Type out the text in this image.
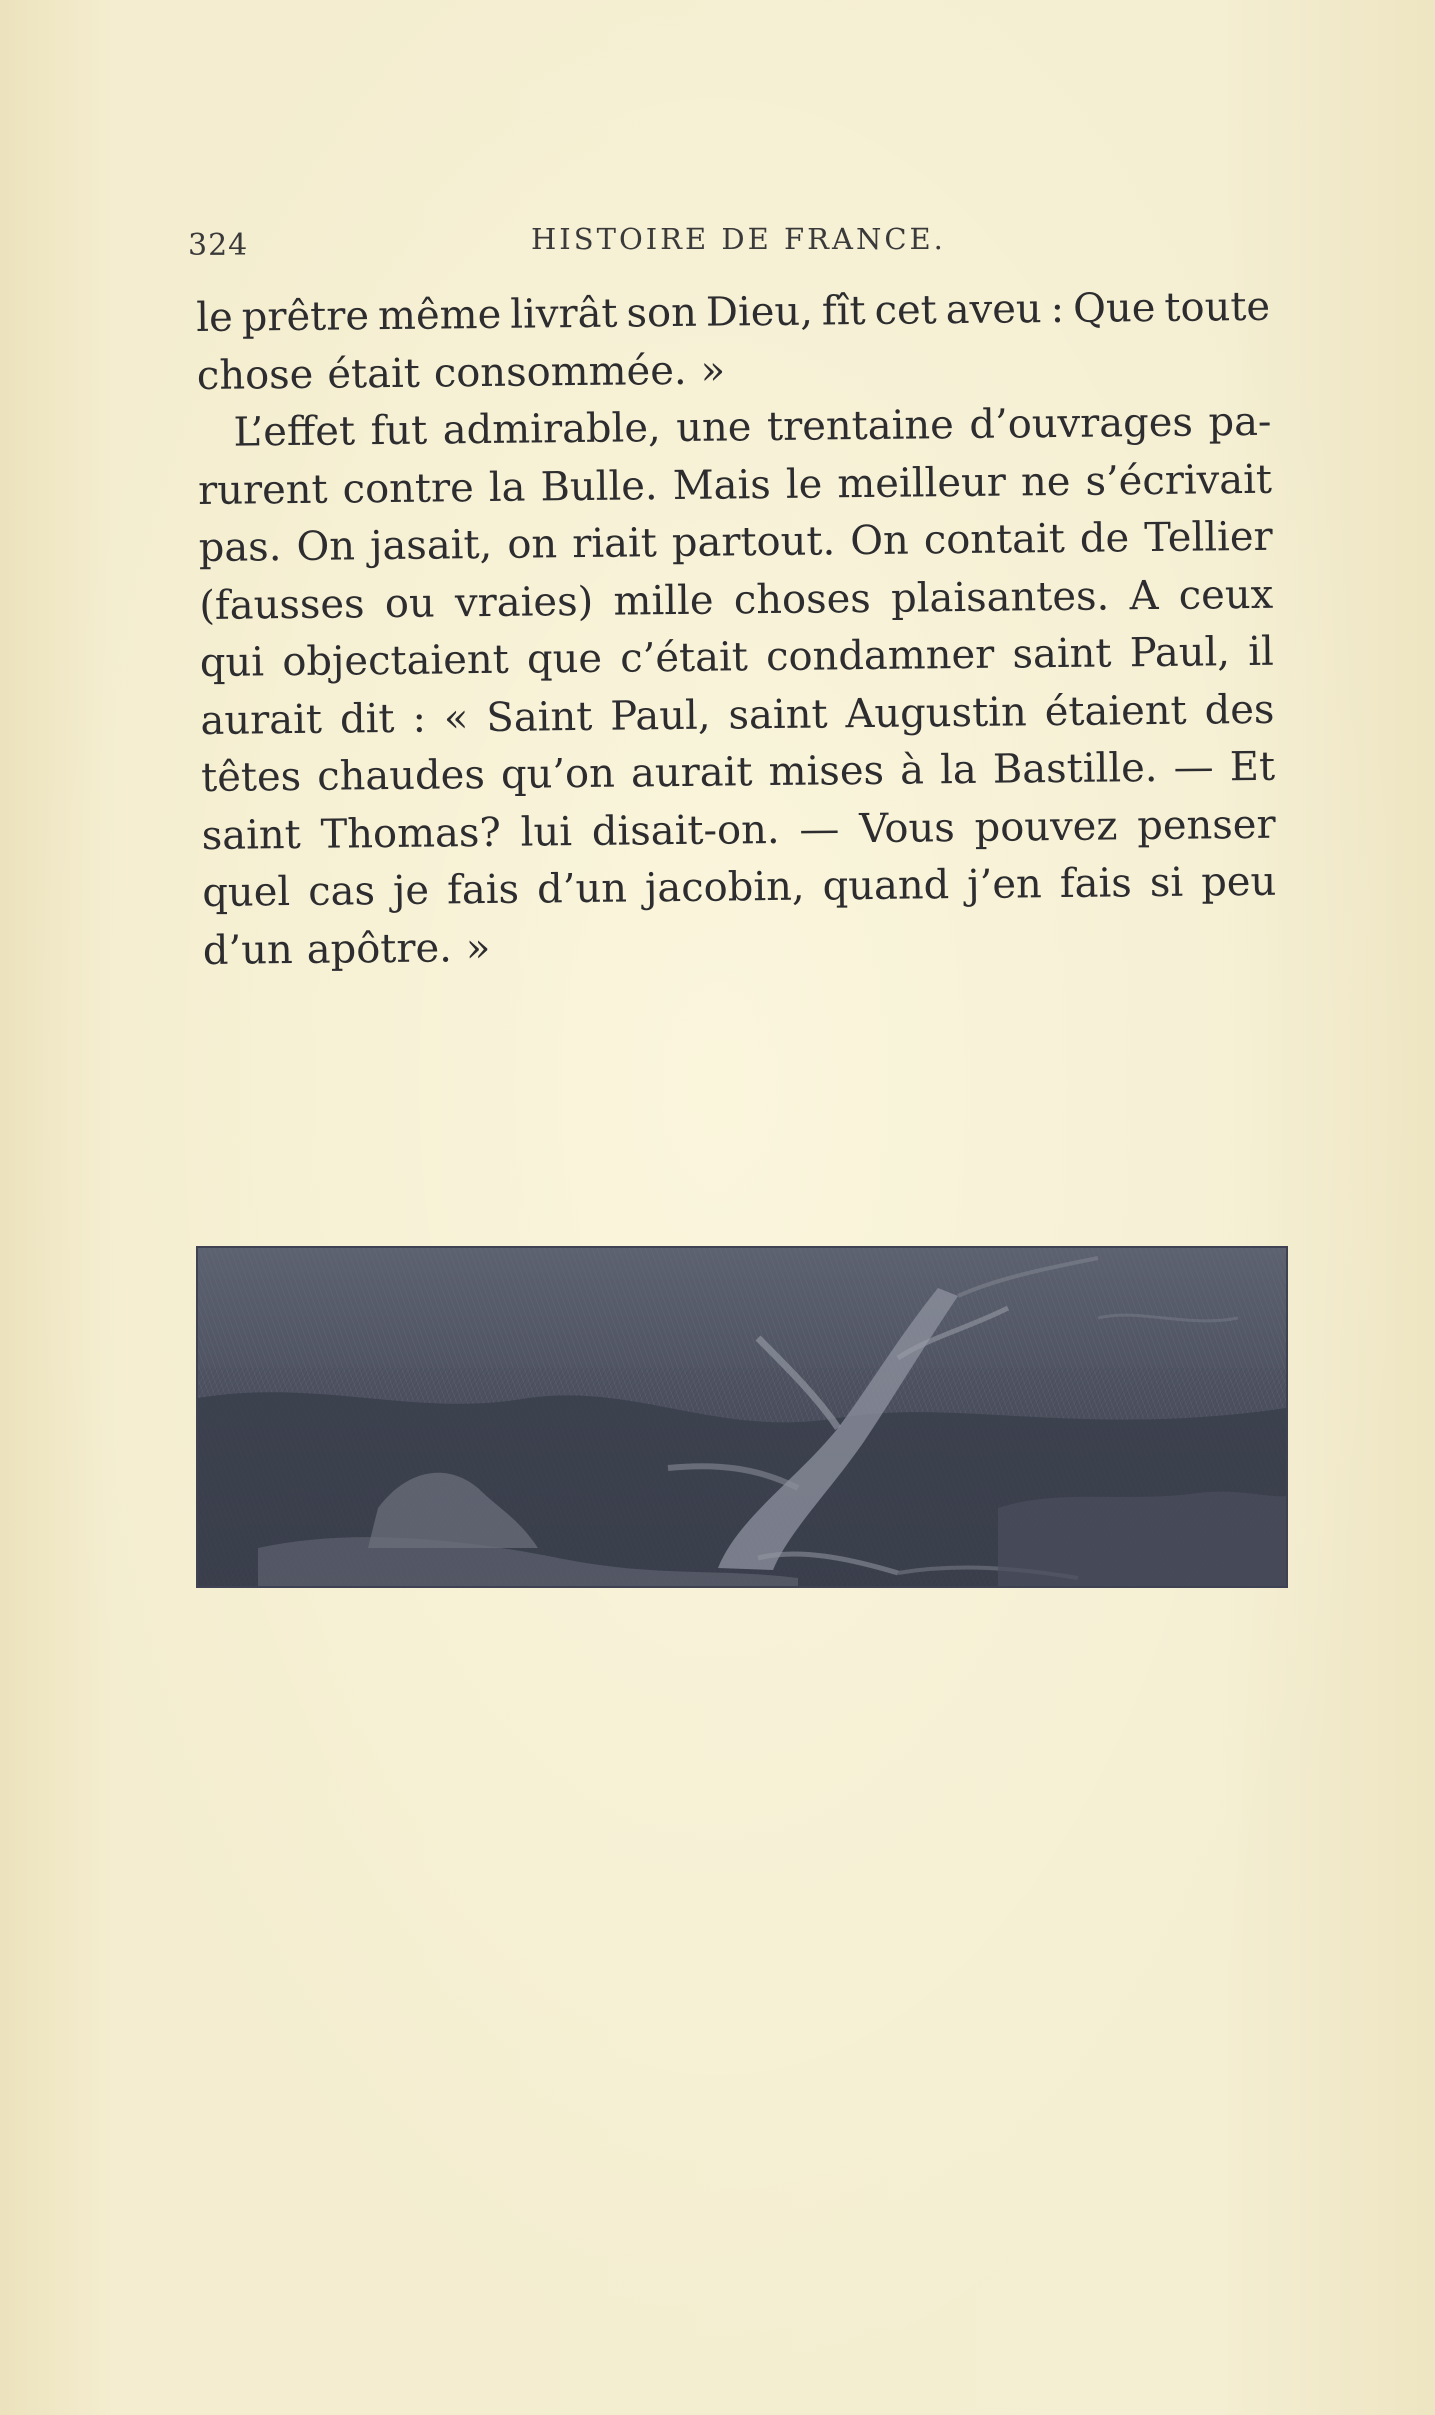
324	HISTOIRE DE FRANCE.
le prêtre même livrât son Dieu, fît cet aveu : Que toute
chose était consommée. »
L’effet fut admirable, une trentaine d’ouvrages pa-
rurent contre la Bulle. Mais le meilleur ne s’écrivait
pas. On jasait, on riait partout. On contait de Tellier
(fausses ou vraies) mille choses plaisantes. A ceux
qui objectaient que c’était condamner saint Paul, il
aurait dit : « Saint Paul, saint Augustin étaient des
têtes chaudes qu’on aurait mises à la Bastille. — Et
saint Thomas? lui disait-on. — Vous pouvez penser
quel cas je fais d’un jacobin, quand j’en fais si peu
d’un apôtre. »
